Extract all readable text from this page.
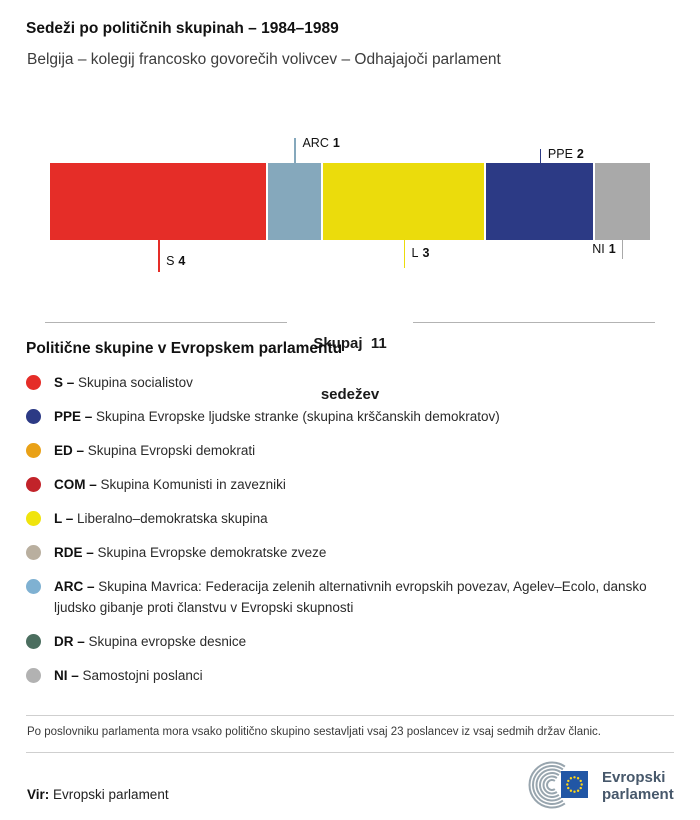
Sedeži po političnih skupinah – 1984–1989
Belgija – kolegij francosko govorečih volivcev – Odhajajoči parlament
S 4
ARC 1
L 3
PPE 2
NI 1

Skupaj  11

sedežev

Politične skupine v Evropskem parlamentu
S – Skupina socialistov
PPE – Skupina Evropske ljudske stranke (skupina krščanskih demokratov)
ED – Skupina Evropski demokrati
COM – Skupina Komunisti in zavezniki
L – Liberalno–demokratska skupina
RDE – Skupina Evropske demokratske zveze
ARC – Skupina Mavrica: Federacija zelenih alternativnih evropskih povezav, Agelev–Ecolo, dansko ljudsko gibanje proti članstvu v Evropski skupnosti
DR – Skupina evropske desnice
NI – Samostojni poslanci
Po poslovniku parlamenta mora vsako politično skupino sestavljati vsaj 23 poslancev iz vsaj sedmih držav članic.
Vir: Evropski parlament
Evropski
parlament
